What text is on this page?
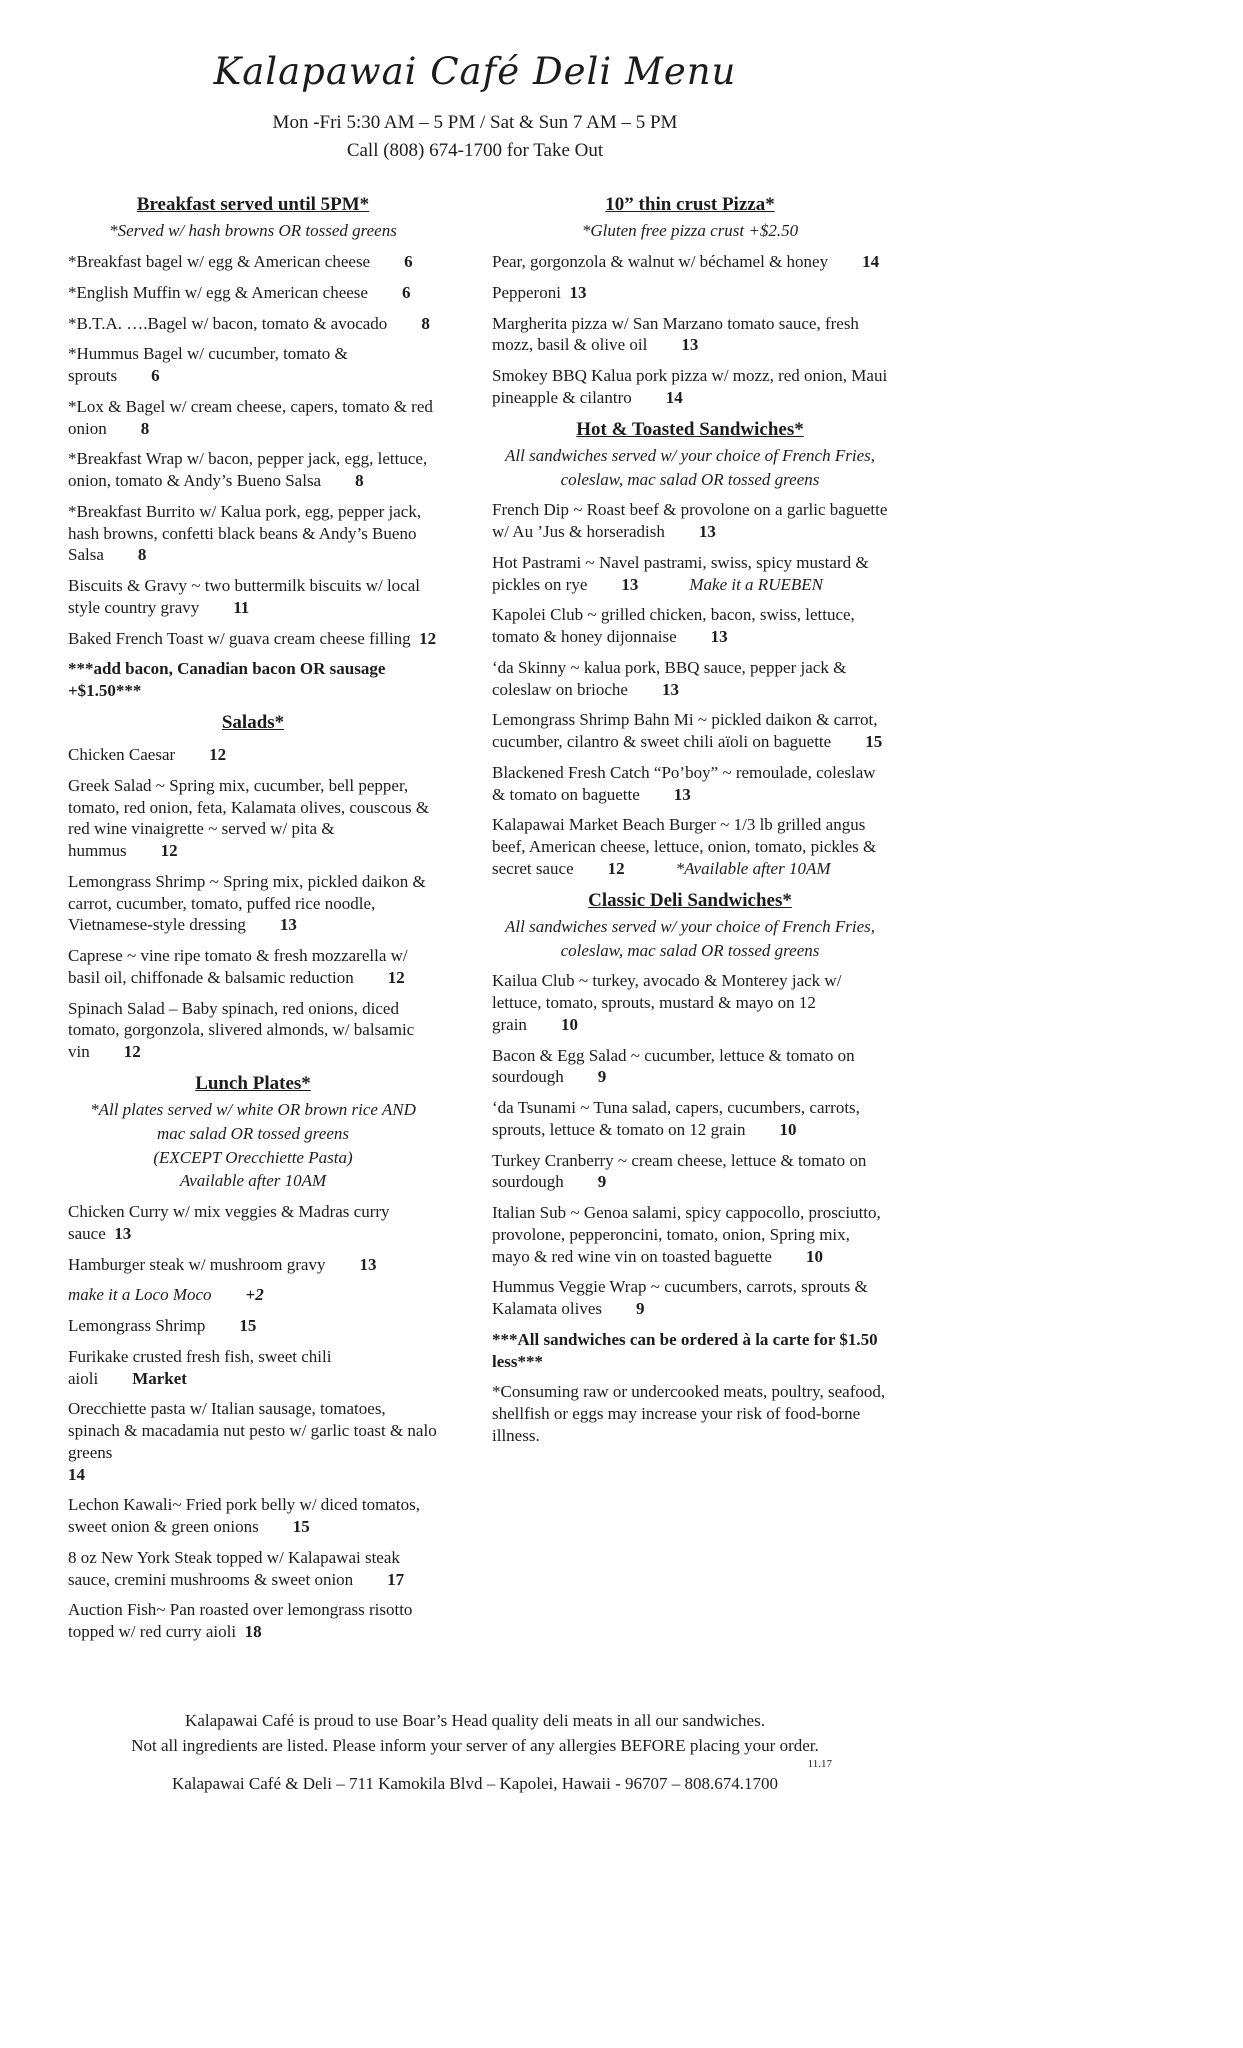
Kalapawai Café Deli Menu
Mon -Fri 5:30 AM – 5 PM / Sat & Sun 7 AM – 5 PM
Call (808) 674-1700 for Take Out
Breakfast served until 5PM*
*Served w/ hash browns OR tossed greens
*Breakfast bagel w/ egg & American cheese 6
*English Muffin w/ egg & American cheese 6
*B.T.A. ….Bagel w/ bacon, tomato & avocado 8
*Hummus Bagel w/ cucumber, tomato & sprouts 6
*Lox & Bagel w/ cream cheese, capers, tomato & red onion 8
*Breakfast Wrap w/ bacon, pepper jack, egg, lettuce, onion, tomato & Andy’s Bueno Salsa 8
*Breakfast Burrito w/ Kalua pork, egg, pepper jack, hash browns, confetti black beans & Andy’s Bueno Salsa 8
Biscuits & Gravy ~ two buttermilk biscuits w/ local style country gravy 11
Baked French Toast w/ guava cream cheese filling 12
***add bacon, Canadian bacon OR sausage +$1.50***
Salads*
Chicken Caesar 12
Greek Salad ~ Spring mix, cucumber, bell pepper, tomato, red onion, feta, Kalamata olives, couscous & red wine vinaigrette ~ served w/ pita & hummus 12
Lemongrass Shrimp ~ Spring mix, pickled daikon & carrot, cucumber, tomato, puffed rice noodle, Vietnamese-style dressing 13
Caprese ~ vine ripe tomato & fresh mozzarella w/ basil oil, chiffonade & balsamic reduction 12
Spinach Salad – Baby spinach, red onions, diced tomato, gorgonzola, slivered almonds, w/ balsamic vin 12
Lunch Plates*
*All plates served w/ white OR brown rice AND
mac salad OR tossed greens
(EXCEPT Orecchiette Pasta)
Available after 10AM
Chicken Curry w/ mix veggies & Madras curry sauce 13
Hamburger steak w/ mushroom gravy 13
make it a Loco Moco +2
Lemongrass Shrimp 15
Furikake crusted fresh fish, sweet chili aioli Market
Orecchiette pasta w/ Italian sausage, tomatoes, spinach & macadamia nut pesto w/ garlic toast & nalo greens
14
Lechon Kawali~ Fried pork belly w/ diced tomatos, sweet onion & green onions 15
8 oz New York Steak topped w/ Kalapawai steak sauce, cremini mushrooms & sweet onion 17
Auction Fish~ Pan roasted over lemongrass risotto topped w/ red curry aioli 18
10” thin crust Pizza*
*Gluten free pizza crust +$2.50
Pear, gorgonzola & walnut w/ béchamel & honey 14
Pepperoni 13
Margherita pizza w/ San Marzano tomato sauce, fresh mozz, basil & olive oil 13
Smokey BBQ Kalua pork pizza w/ mozz, red onion, Maui pineapple & cilantro 14
Hot & Toasted Sandwiches*
All sandwiches served w/ your choice of French Fries,
coleslaw, mac salad OR tossed greens
French Dip ~ Roast beef & provolone on a garlic baguette w/ Au ’Jus & horseradish 13
Hot Pastrami ~ Navel pastrami, swiss, spicy mustard & pickles on rye 13	Make it a RUEBEN
Kapolei Club ~ grilled chicken, bacon, swiss, lettuce, tomato & honey dijonnaise 13
‘da Skinny ~ kalua pork, BBQ sauce, pepper jack & coleslaw on brioche 13
Lemongrass Shrimp Bahn Mi ~ pickled daikon & carrot, cucumber, cilantro & sweet chili aïoli on baguette 15
Blackened Fresh Catch “Po’boy” ~ remoulade, coleslaw & tomato on baguette 13
Kalapawai Market Beach Burger ~ 1/3 lb grilled angus beef, American cheese, lettuce, onion, tomato, pickles & secret sauce 12	*Available after 10AM
Classic Deli Sandwiches*
All sandwiches served w/ your choice of French Fries,
coleslaw, mac salad OR tossed greens
Kailua Club ~ turkey, avocado & Monterey jack w/ lettuce, tomato, sprouts, mustard & mayo on 12 grain 10
Bacon & Egg Salad ~ cucumber, lettuce & tomato on sourdough 9
‘da Tsunami ~ Tuna salad, capers, cucumbers, carrots, sprouts, lettuce & tomato on 12 grain 10
Turkey Cranberry ~ cream cheese, lettuce & tomato on sourdough 9
Italian Sub ~ Genoa salami, spicy cappocollo, prosciutto, provolone, pepperoncini, tomato, onion, Spring mix, mayo & red wine vin on toasted baguette 10
Hummus Veggie Wrap ~ cucumbers, carrots, sprouts & Kalamata olives 9
***All sandwiches can be ordered à la carte for $1.50 less***
*Consuming raw or undercooked meats, poultry, seafood, shellfish or eggs may increase your risk of food-borne illness.
Kalapawai Café is proud to use Boar’s Head quality deli meats in all our sandwiches.
Not all ingredients are listed. Please inform your server of any allergies BEFORE placing your order.
11.17
Kalapawai Café & Deli – 711 Kamokila Blvd – Kapolei, Hawaii - 96707 – 808.674.1700
